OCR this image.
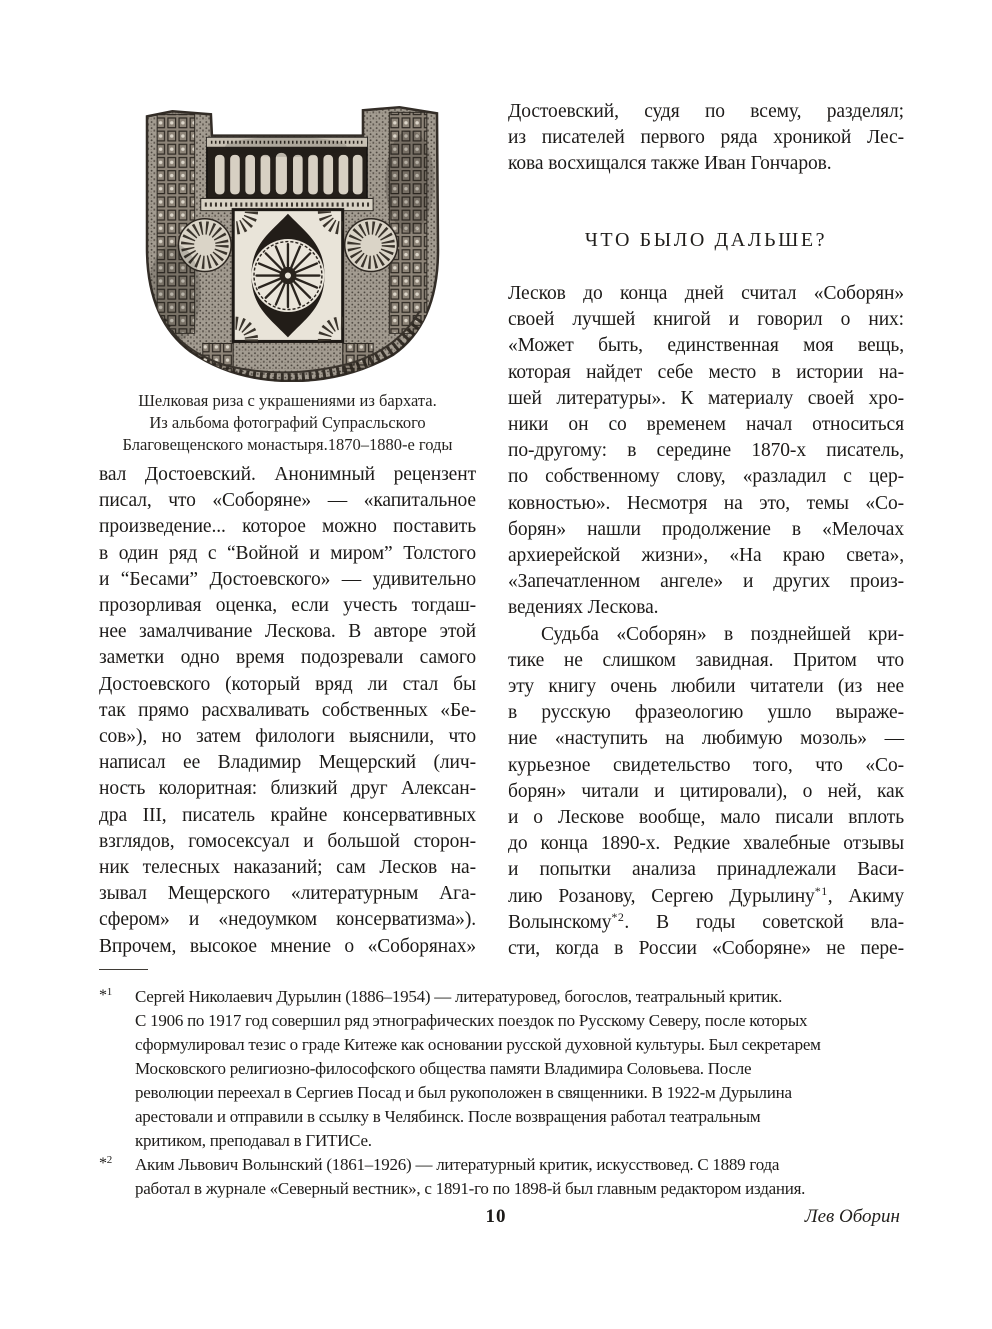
Шелковая риза с украшениями из бархата.
Из альбома фотографий Супрасльского
Благовещенского монастыря.1870–1880-е годы
вал Достоевский. Анонимный рецензент
писал, что «Соборяне» — «капитальное
произведение... которое можно поставить
в один ряд с “Войной и миром” Толстого
и “Бесами” Достоевского» — удивительно
прозорливая оценка, если учесть тогдаш-
нее замалчивание Лескова. В авторе этой
заметки одно время подозревали самого
Достоевского (который вряд ли стал бы
так прямо расхваливать собственных «Бе-
сов»), но затем филологи выяснили, что
написал ее Владимир Мещерский (лич-
ность колоритная: близкий друг Алексан-
дра III, писатель крайне консервативных
взглядов, гомосексуал и большой сторон-
ник телесных наказаний; сам Лесков на-
зывал Мещерского «литературным Ага-
сфером» и «недоумком консерватизма»).
Впрочем, высокое мнение о «Соборянах»
Достоевский, судя по всему, разделял;
из писателей первого ряда хроникой Лес-
кова восхищался также Иван Гончаров.
ЧТО БЫЛО ДАЛЬШЕ?
Лесков до конца дней считал «Соборян»
своей лучшей книгой и говорил о них:
«Может быть, единственная моя вещь,
которая найдет себе место в истории на-
шей литературы». К материалу своей хро-
ники он со временем начал относиться
по-другому: в середине 1870-х писатель,
по собственному слову, «разладил с цер-
ковностью». Несмотря на это, темы «Со-
борян» нашли продолжение в «Мелочах
архиерейской жизни», «На краю света»,
«Запечатленном ангеле» и других произ-
ведениях Лескова.
Судьба «Соборян» в позднейшей кри-
тике не слишком завидная. Притом что
эту книгу очень любили читатели (из нее
в русскую фразеологию ушло выраже-
ние «наступить на любимую мозоль» —
курьезное свидетельство того, что «Со-
борян» читали и цитировали), о ней, как
и о Лескове вообще, мало писали вплоть
до конца 1890-х. Редкие хвалебные отзывы
и попытки анализа принадлежали Васи-
лию Розанову, Сергею Дурылину$^{*1}$, Акиму
Волынскому$^{*2}$. В годы советской вла-
сти, когда в России «Соборяне» не пере-
*$^1$	Сергей Николаевич Дурылин (1886–1954) — литературовед, богослов, театральный критик.
С 1906 по 1917 год совершил ряд этнографических поездок по Русскому Северу, после которых
сформулировал тезис о граде Китеже как основании русской духовной культуры. Был секретарем
Московского религиозно-философского общества памяти Владимира Соловьева. После
революции переехал в Сергиев Посад и был рукоположен в священники. В 1922-м Дурылина
арестовали и отправили в ссылку в Челябинск. После возвращения работал театральным
критиком, преподавал в ГИТИСе.
*$^2$	Аким Львович Волынский (1861–1926) — литературный критик, искусствовед. С 1889 года
работал в журнале «Северный вестник», с 1891-го по 1898-й был главным редактором издания.
10	Лев Оборин
